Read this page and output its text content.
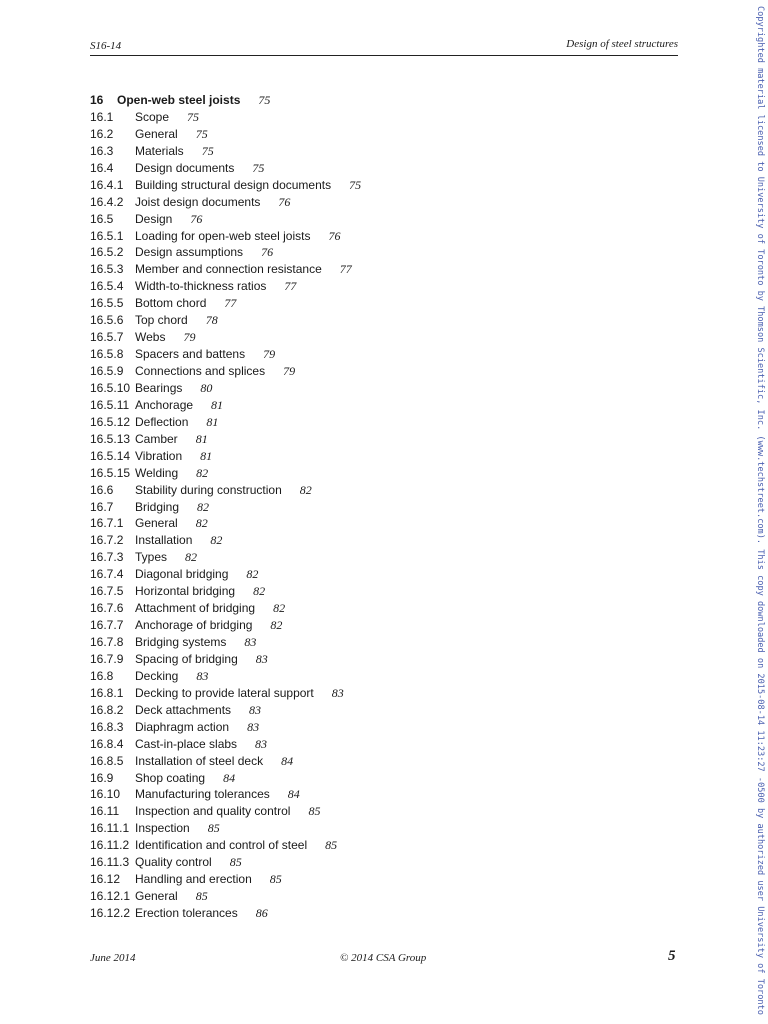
S16-14	Design of steel structures
16 Open-web steel joists 75
16.1 Scope 75
16.2 General 75
16.3 Materials 75
16.4 Design documents 75
16.4.1 Building structural design documents 75
16.4.2 Joist design documents 76
16.5 Design 76
16.5.1 Loading for open-web steel joists 76
16.5.2 Design assumptions 76
16.5.3 Member and connection resistance 77
16.5.4 Width-to-thickness ratios 77
16.5.5 Bottom chord 77
16.5.6 Top chord 78
16.5.7 Webs 79
16.5.8 Spacers and battens 79
16.5.9 Connections and splices 79
16.5.10 Bearings 80
16.5.11 Anchorage 81
16.5.12 Deflection 81
16.5.13 Camber 81
16.5.14 Vibration 81
16.5.15 Welding 82
16.6 Stability during construction 82
16.7 Bridging 82
16.7.1 General 82
16.7.2 Installation 82
16.7.3 Types 82
16.7.4 Diagonal bridging 82
16.7.5 Horizontal bridging 82
16.7.6 Attachment of bridging 82
16.7.7 Anchorage of bridging 82
16.7.8 Bridging systems 83
16.7.9 Spacing of bridging 83
16.8 Decking 83
16.8.1 Decking to provide lateral support 83
16.8.2 Deck attachments 83
16.8.3 Diaphragm action 83
16.8.4 Cast-in-place slabs 83
16.8.5 Installation of steel deck 84
16.9 Shop coating 84
16.10 Manufacturing tolerances 84
16.11 Inspection and quality control 85
16.11.1 Inspection 85
16.11.2 Identification and control of steel 85
16.11.3 Quality control 85
16.12 Handling and erection 85
16.12.1 General 85
16.12.2 Erection tolerances 86
June 2014	© 2014 CSA Group	5	Copyrighted material licensed to University of Toronto by Thomson Scientific, Inc. (www.techstreet.com). This copy downloaded on 2015-08-14 11:23:27 -0500 by authorized user University of Toronto
